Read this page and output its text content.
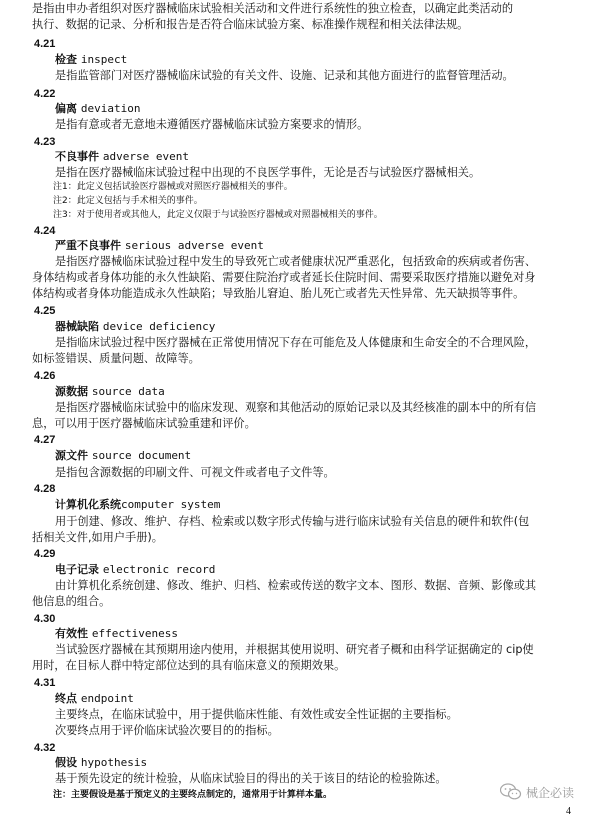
是指由申办者组织对医疗器械临床试验相关活动和文件进行系统性的独立检查，以确定此类活动的
执行、数据的记录、分析和报告是否符合临床试验方案、标准操作规程和相关法律法规。
4.21
检查 inspect
是指监管部门对医疗器械临床试验的有关文件、设施、记录和其他方面进行的监督管理活动。
4.22
偏离 deviation
是指有意或者无意地未遵循医疗器械临床试验方案要求的情形。
4.23
不良事件 adverse event
是指在医疗器械临床试验过程中出现的不良医学事件，无论是否与试验医疗器械相关。
注1：此定义包括试验医疗器械或对照医疗器械相关的事件。
注2：此定义包括与手术相关的事件。
注3：对于使用者或其他人，此定义仅限于与试验医疗器械或对照器械相关的事件。
4.24
严重不良事件 serious adverse event
是指医疗器械临床试验过程中发生的导致死亡或者健康状况严重恶化，包括致命的疾病或者伤害、
身体结构或者身体功能的永久性缺陷、需要住院治疗或者延长住院时间、需要采取医疗措施以避免对身
体结构或者身体功能造成永久性缺陷；导致胎儿窘迫、胎儿死亡或者先天性异常、先天缺损等事件。
4.25
器械缺陷 device deficiency
是指临床试验过程中医疗器械在正常使用情况下存在可能危及人体健康和生命安全的不合理风险，
如标签错误、质量问题、故障等。
4.26
源数据 source data
是指医疗器械临床试验中的临床发现、观察和其他活动的原始记录以及其经核准的副本中的所有信
息，可以用于医疗器械临床试验重建和评价。
4.27
源文件 source document
是指包含源数据的印刷文件、可视文件或者电子文件等。
4.28
计算机化系统computer system
用于创建、修改、维护、存档、检索或以数字形式传输与进行临床试验有关信息的硬件和软件(包
括相关文件,如用户手册)。
4.29
电子记录 electronic record
由计算机化系统创建、修改、维护、归档、检索或传送的数字文本、图形、数据、音频、影像或其
他信息的组合。
4.30
有效性 effectiveness
当试验医疗器械在其预期用途内使用，并根据其使用说明、研究者子概和由科学证据确定的 cip使
用时，在目标人群中特定部位达到的具有临床意义的预期效果。
4.31
终点 endpoint
主要终点，在临床试验中，用于提供临床性能、有效性或安全性证据的主要指标。
次要终点用于评价临床试验次要目的的指标。
4.32
假设 hypothesis
基于预先设定的统计检验，从临床试验目的得出的关于该目的结论的检验陈述。
注：主要假设是基于预定义的主要终点制定的，通常用于计算样本量。	械企必读
4
